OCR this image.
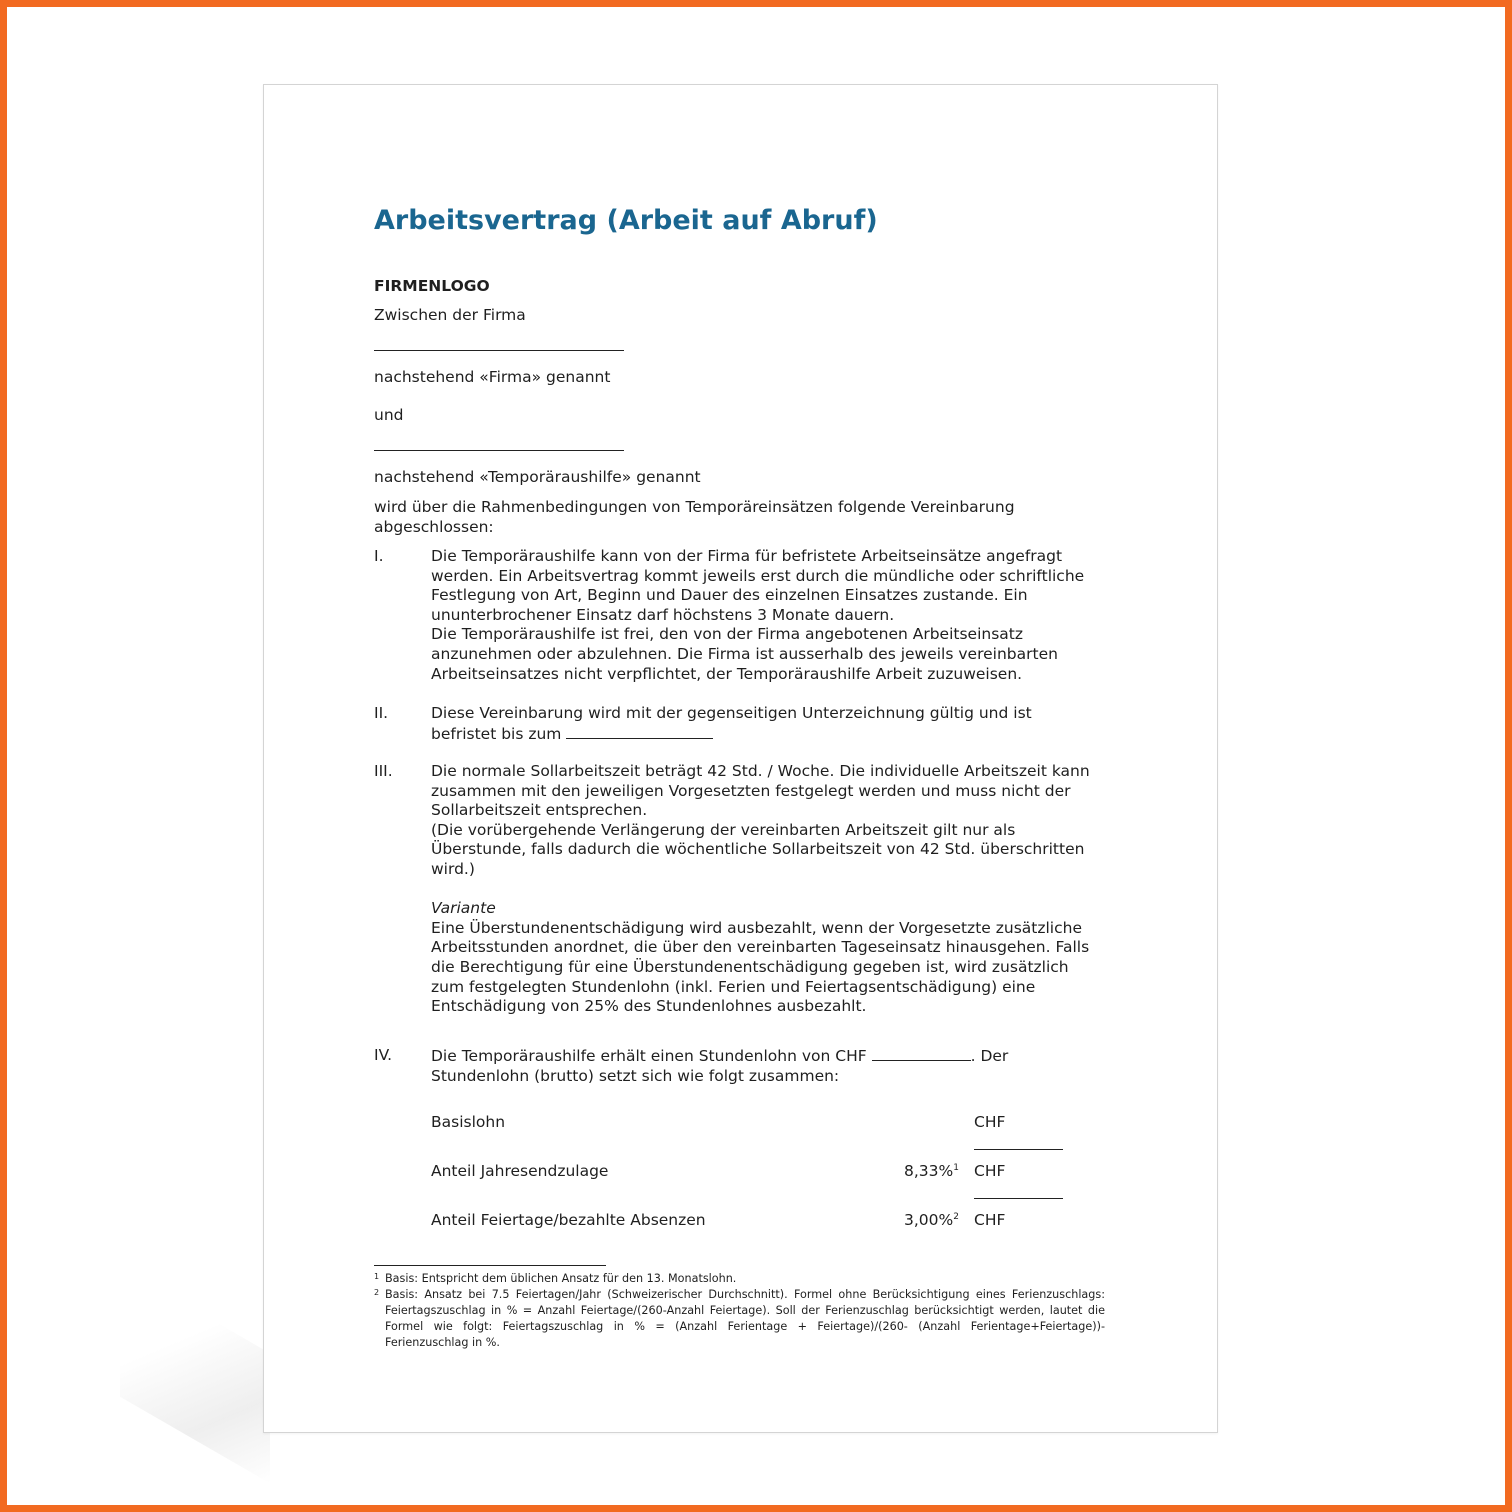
Arbeitsvertrag (Arbeit auf Abruf)
FIRMENLOGO
Zwischen der Firma
nachstehend «Firma» genannt
und
nachstehend «Temporäraushilfe» genannt
wird über die Rahmenbedingungen von Temporäreinsätzen folgende Vereinbarung abgeschlossen:
I.	Die Temporäraushilfe kann von der Firma für befristete Arbeitseinsätze angefragt werden. Ein Arbeitsvertrag kommt jeweils erst durch die mündliche oder schriftliche Festlegung von Art, Beginn und Dauer des einzelnen Einsatzes zustande. Ein ununterbrochener Einsatz darf höchstens 3 Monate dauern.
Die Temporäraushilfe ist frei, den von der Firma angebotenen Arbeitseinsatz anzunehmen oder abzulehnen. Die Firma ist ausserhalb des jeweils vereinbarten Arbeitseinsatzes nicht verpflichtet, der Temporäraushilfe Arbeit zuzuweisen.
II.	Diese Vereinbarung wird mit der gegenseitigen Unterzeichnung gültig und ist befristet bis zum
III. Die normale Sollarbeitszeit beträgt 42 Std. / Woche. Die individuelle Arbeitszeit kann zusammen mit den jeweiligen Vorgesetzten festgelegt werden und muss nicht der Sollarbeitszeit entsprechen.
(Die vorübergehende Verlängerung der vereinbarten Arbeitszeit gilt nur als Überstunde, falls dadurch die wöchentliche Sollarbeitszeit von 42 Std. überschritten wird.)
Variante
Eine Überstundenentschädigung wird ausbezahlt, wenn der Vorgesetzte zusätzliche Arbeitsstunden anordnet, die über den vereinbarten Tageseinsatz hinausgehen. Falls die Berechtigung für eine Überstundenentschädigung gegeben ist, wird zusätzlich zum festgelegten Stundenlohn (inkl. Ferien und Feiertagsentschädigung) eine Entschädigung von 25% des Stundenlohnes ausbezahlt.
IV.	Die Temporäraushilfe erhält einen Stundenlohn von CHF	. Der Stundenlohn (brutto) setzt sich wie folgt zusammen:
Basislohn	CHF
Anteil Jahresendzulage	8,33%$^1$ CHF
Anteil Feiertage/bezahlte Absenzen	3,00%$^2$ CHF
1 Basis: Entspricht dem üblichen Ansatz für den 13. Monatslohn.
2 Basis: Ansatz bei 7.5 Feiertagen/Jahr (Schweizerischer Durchschnitt). Formel ohne Berücksichtigung eines Ferienzuschlags: Feiertagszuschlag in % = Anzahl Feiertage/(260-Anzahl Feiertage). Soll der Ferienzuschlag berücksichtigt werden, lautet die Formel wie folgt: Feiertagszuschlag in % = (Anzahl Ferientage + Feiertage)/(260- (Anzahl Ferientage+Feiertage))-Ferienzuschlag in %.
